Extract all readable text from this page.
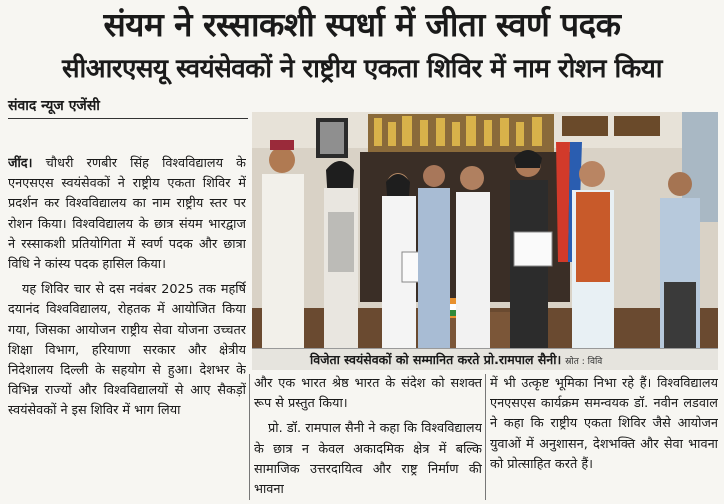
संयम ने रस्साकशी स्पर्धा में जीता स्वर्ण पदक
सीआरएसयू स्वयंसेवकों ने राष्ट्रीय एकता शिविर में नाम रोशन किया
संवाद न्यूज एजेंसी

जींद। चौधरी रणबीर सिंह विश्वविद्यालय के एनएसएस स्वयंसेवकों ने राष्ट्रीय एकता शिविर में प्रदर्शन कर विश्वविद्यालय का नाम राष्ट्रीय स्तर पर रोशन किया। विश्वविद्यालय के छात्र संयम भारद्वाज ने रस्साकशी प्रतियोगिता में स्वर्ण पदक और छात्रा विधि ने कांस्य पदक हासिल किया।

यह शिविर चार से दस नवंबर 2025 तक महर्षि दयानंद विश्वविद्यालय, रोहतक में आयोजित किया गया, जिसका आयोजन राष्ट्रीय सेवा योजना उच्चतर शिक्षा विभाग, हरियाणा सरकार और क्षेत्रीय निदेशालय दिल्ली के सहयोग से हुआ। देशभर के विभिन्न राज्यों और विश्वविद्यालयों से आए सैकड़ों स्वयंसेवकों ने इस शिविर में भाग लिया

विजेता स्वयंसेवकों को सम्मानित करते प्रो.रामपाल सैनी। स्रोत : विवि

और एक भारत श्रेष्ठ भारत के संदेश को सशक्त रूप से प्रस्तुत किया।

प्रो. डॉ. रामपाल सैनी ने कहा कि विश्वविद्यालय के छात्र न केवल अकादमिक क्षेत्र में बल्कि सामाजिक उत्तरदायित्व और राष्ट्र निर्माण की भावना

में भी उत्कृष्ट भूमिका निभा रहे हैं। विश्वविद्यालय एनएसएस कार्यक्रम समन्वयक डॉ. नवीन लडवाल ने कहा कि राष्ट्रीय एकता शिविर जैसे आयोजन युवाओं में अनुशासन, देशभक्ति और सेवा भावना को प्रोत्साहित करते हैं।
